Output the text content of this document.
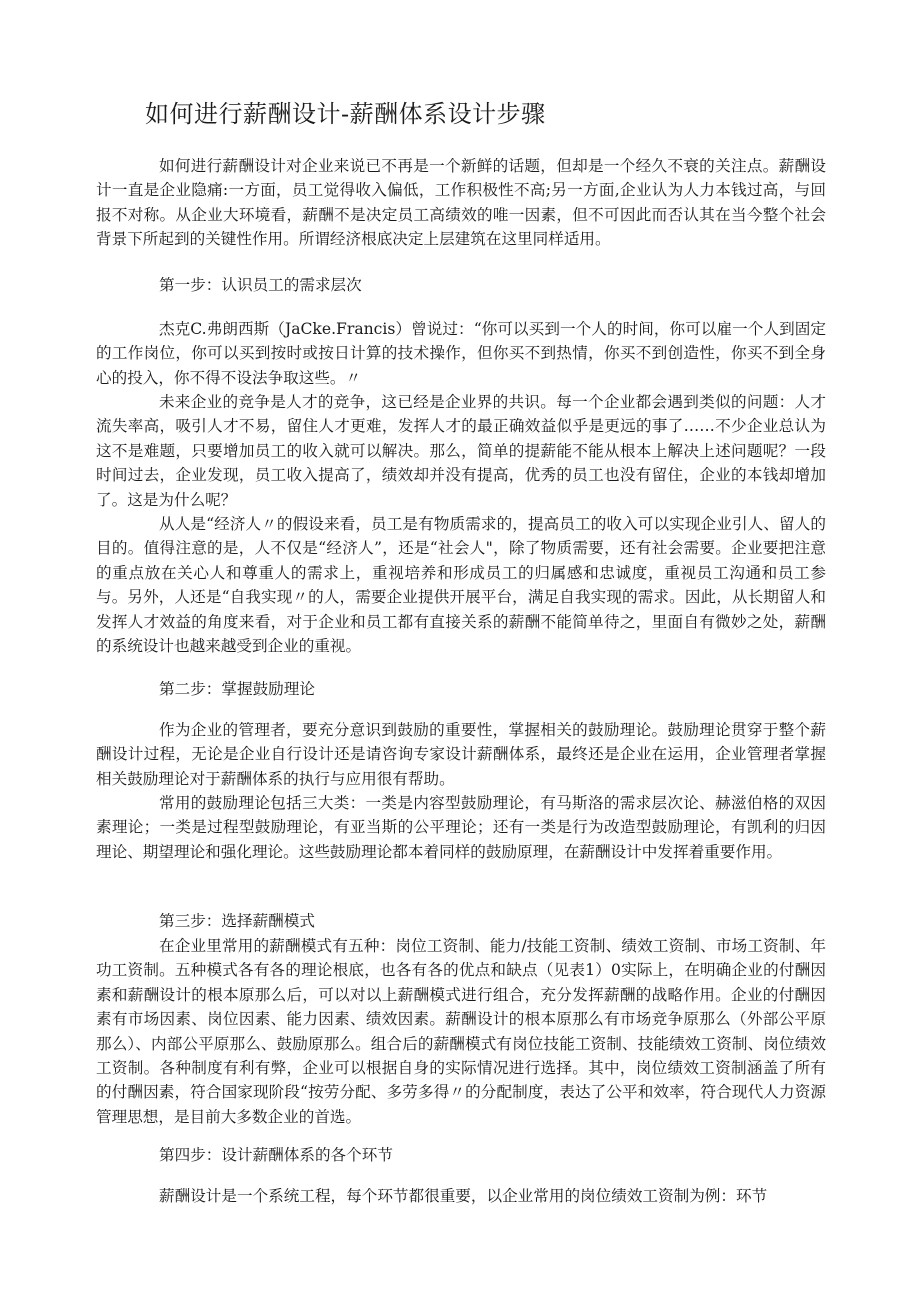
如何进行薪酬设计-薪酬体系设计步骤

如何进行薪酬设计对企业来说已不再是一个新鲜的话题，但却是一个经久不衰的关注点。薪酬设计一直是企业隐痛:一方面，员工觉得收入偏低，工作积极性不高;另一方面,企业认为人力本钱过高，与回报不对称。从企业大环境看，薪酬不是决定员工高绩效的唯一因素，但不可因此而否认其在当今整个社会背景下所起到的关键性作用。所谓经济根底决定上层建筑在这里同样适用。

第一步：认识员工的需求层次

杰克C.弗朗西斯（JaCke.Francis）曾说过：“你可以买到一个人的时间，你可以雇一个人到固定的工作岗位，你可以买到按时或按日计算的技术操作，但你买不到热情，你买不到创造性，你买不到全身心的投入，你不得不设法争取这些。〃

未来企业的竞争是人才的竞争，这已经是企业界的共识。每一个企业都会遇到类似的问题：人才流失率高，吸引人才不易，留住人才更难，发挥人才的最正确效益似乎是更远的事了……不少企业总认为这不是难题，只要增加员工的收入就可以解决。那么，简单的提薪能不能从根本上解决上述问题呢？一段时间过去，企业发现，员工收入提高了，绩效却并没有提高，优秀的员工也没有留住，企业的本钱却增加了。这是为什么呢？

从人是“经济人〃的假设来看，员工是有物质需求的，提高员工的收入可以实现企业引人、留人的目的。值得注意的是，人不仅是“经济人”，还是“社会人"，除了物质需要，还有社会需要。企业要把注意的重点放在关心人和尊重人的需求上，重视培养和形成员工的归属感和忠诚度，重视员工沟通和员工参与。另外，人还是“自我实现〃的人，需要企业提供开展平台，满足自我实现的需求。因此，从长期留人和发挥人才效益的角度来看，对于企业和员工都有直接关系的薪酬不能简单待之，里面自有微妙之处，薪酬的系统设计也越来越受到企业的重视。

第二步：掌握鼓励理论

作为企业的管理者，要充分意识到鼓励的重要性，掌握相关的鼓励理论。鼓励理论贯穿于整个薪酬设计过程，无论是企业自行设计还是请咨询专家设计薪酬体系，最终还是企业在运用，企业管理者掌握相关鼓励理论对于薪酬体系的执行与应用很有帮助。

常用的鼓励理论包括三大类：一类是内容型鼓励理论，有马斯洛的需求层次论、赫滋伯格的双因素理论；一类是过程型鼓励理论，有亚当斯的公平理论；还有一类是行为改造型鼓励理论，有凯利的归因理论、期望理论和强化理论。这些鼓励理论都本着同样的鼓励原理，在薪酬设计中发挥着重要作用。

第三步：选择薪酬模式

在企业里常用的薪酬模式有五种：岗位工资制、能力/技能工资制、绩效工资制、市场工资制、年功工资制。五种模式各有各的理论根底，也各有各的优点和缺点（见表1）0实际上，在明确企业的付酬因素和薪酬设计的根本原那么后，可以对以上薪酬模式进行组合，充分发挥薪酬的战略作用。企业的付酬因素有市场因素、岗位因素、能力因素、绩效因素。薪酬设计的根本原那么有市场竞争原那么（外部公平原那么）、内部公平原那么、鼓励原那么。组合后的薪酬模式有岗位技能工资制、技能绩效工资制、岗位绩效工资制。各种制度有利有弊，企业可以根据自身的实际情况进行选择。其中，岗位绩效工资制涵盖了所有的付酬因素，符合国家现阶段“按劳分配、多劳多得〃的分配制度，表达了公平和效率，符合现代人力资源管理思想，是目前大多数企业的首选。

第四步：设计薪酬体系的各个环节

薪酬设计是一个系统工程，每个环节都很重要，以企业常用的岗位绩效工资制为例：环节
